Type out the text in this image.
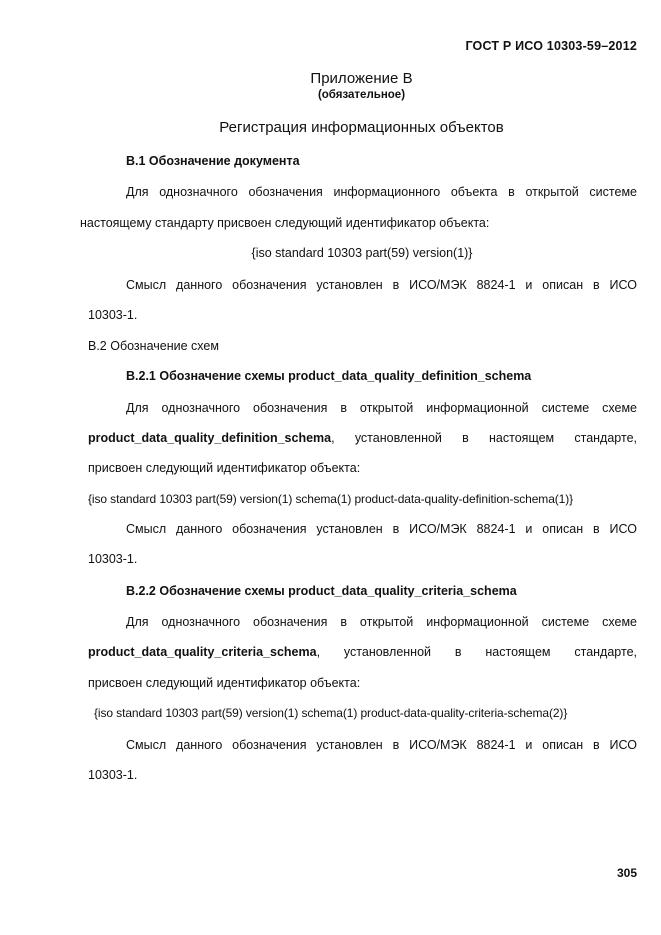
ГОСТ Р ИСО 10303-59–2012
Приложение В
(обязательное)
Регистрация информационных объектов
В.1 Обозначение документа
Для однозначного обозначения информационного объекта в открытой системе
настоящему стандарту присвоен следующий идентификатор объекта:
{iso standard 10303 part(59) version(1)}
Смысл данного обозначения установлен в ИСО/МЭК 8824-1 и описан в ИСО
10303-1.
В.2 Обозначение схем
В.2.1 Обозначение схемы product_data_quality_definition_schema
Для однозначного обозначения в открытой информационной системе схеме
product_data_quality_definition_schema, установленной в настоящем стандарте,
присвоен следующий идентификатор объекта:
{iso standard 10303 part(59) version(1) schema(1) product-data-quality-definition-schema(1)}
Смысл данного обозначения установлен в ИСО/МЭК 8824-1 и описан в ИСО
10303-1.
В.2.2 Обозначение схемы product_data_quality_criteria_schema
Для однозначного обозначения в открытой информационной системе схеме
product_data_quality_criteria_schema, установленной в настоящем стандарте,
присвоен следующий идентификатор объекта:
{iso standard 10303 part(59) version(1) schema(1) product-data-quality-criteria-schema(2)}
Смысл данного обозначения установлен в ИСО/МЭК 8824-1 и описан в ИСО
10303-1.
305
